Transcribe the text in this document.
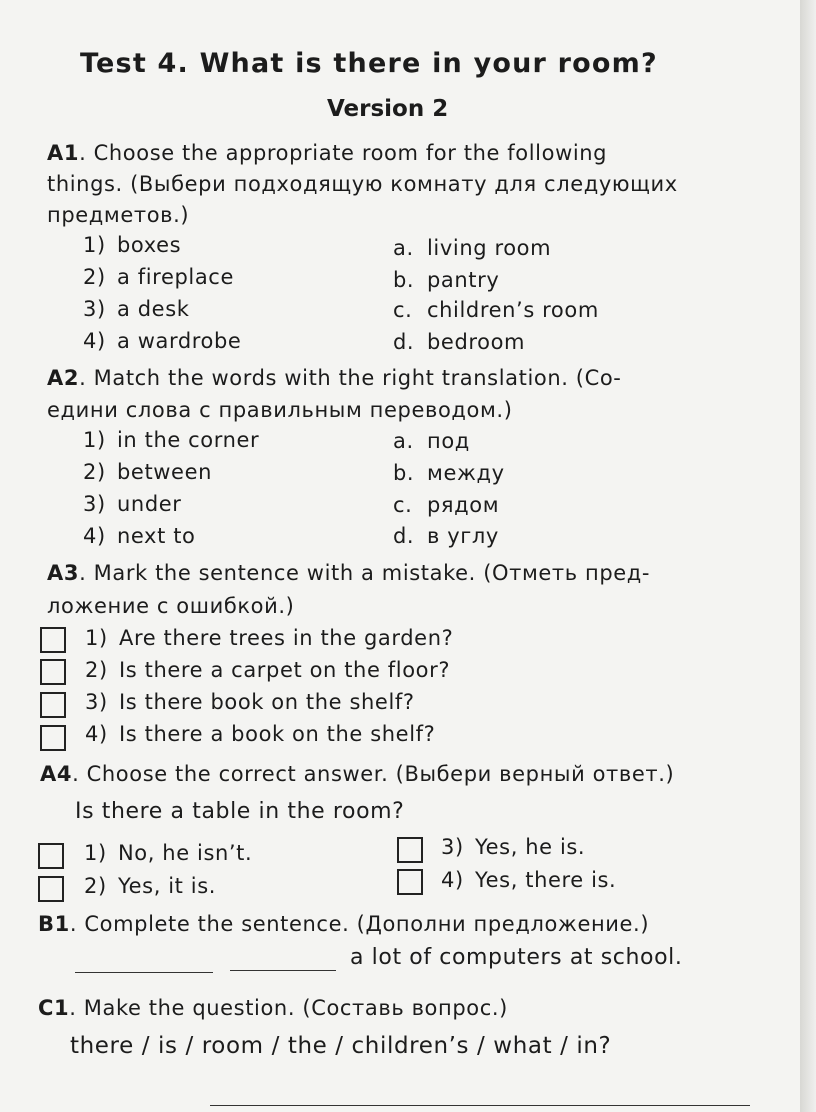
Test 4. What is there in your room?
Version 2
A1. Choose the appropriate room for the following
things. (Выбери подходящую комнату для следующих
предметов.)
1) boxes
2) a fireplace
3) a desk
4) a wardrobe
a. living room
b. pantry
c. children’s room
d. bedroom
A2. Match the words with the right translation. (Со-
едини слова с правильным переводом.)
1) in the corner
2) between
3) under
4) next to
a. под
b. между
c. рядом
d. в углу
A3. Mark the sentence with a mistake. (Отметь пред-
ложение с ошибкой.)
1) Are there trees in the garden?
2) Is there a carpet on the floor?
3) Is there book on the shelf?
4) Is there a book on the shelf?
A4. Choose the correct answer. (Выбери верный ответ.)
Is there a table in the room?
1) No, he isn’t.
2) Yes, it is.
3) Yes, he is.
4) Yes, there is.
B1. Complete the sentence. (Дополни предложение.)
a lot of computers at school.
C1. Make the question. (Составь вопрос.)
there / is / room / the / children’s / what / in?
